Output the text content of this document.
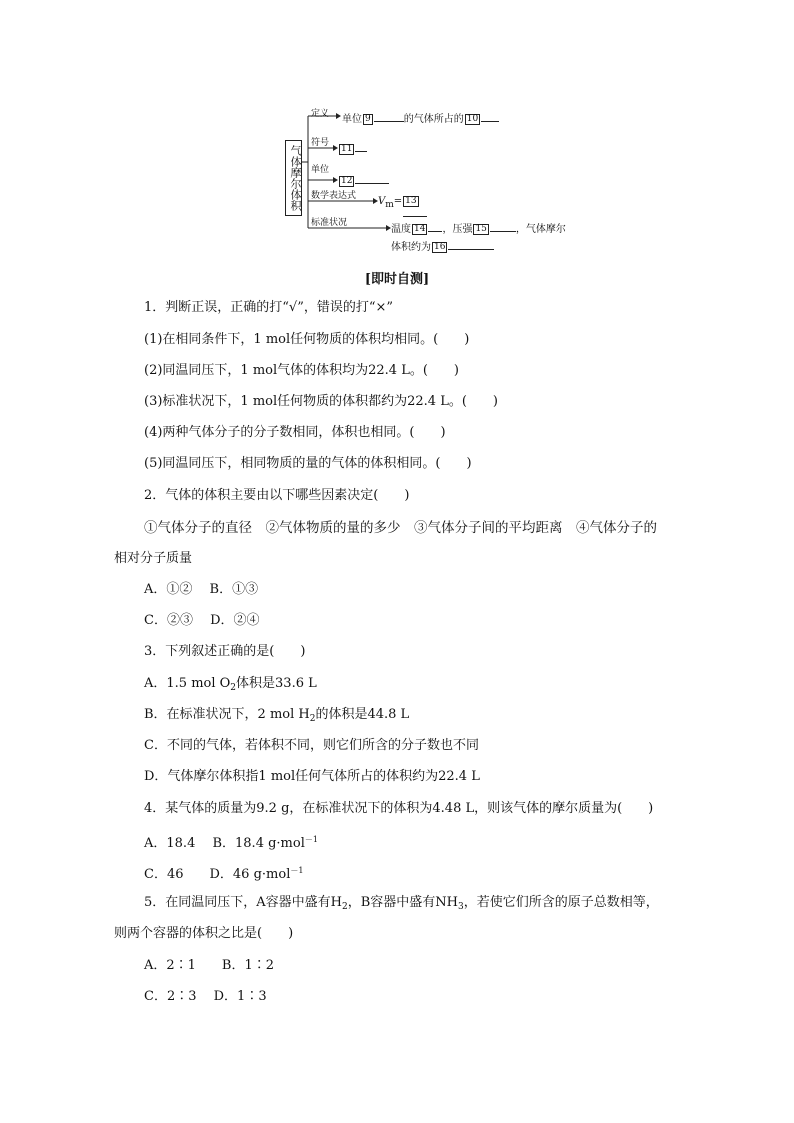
气体摩尔体积
定义 单位 9	的气体所占的 10
符号
11
单位
12
数学表达式 $V_m= 13$
标准状况
温度 14 ，压强 15	，气体摩尔
体积约为 16
[即时自测]
1．判断正误，正确的打“√”，错误的打“×”
(1)在相同条件下，1 mol任何物质的体积均相同。(　　)
(2)同温同压下，1 mol气体的体积均为22.4 L。(　　)
(3)标准状况下，1 mol任何物质的体积都约为22.4 L。(　　)
(4)两种气体分子的分子数相同，体积也相同。(　　)
(5)同温同压下，相同物质的量的气体的体积相同。(　　)
2．气体的体积主要由以下哪些因素决定(　　)
①气体分子的直径　②气体物质的量的多少　③气体分子间的平均距离　④气体分子的
相对分子质量
A．①②　 B．①③
C．②③　 D．②④
3．下列叙述正确的是(　　)
A．1.5 mol $O_2$体积是33.6 L
B．在标准状况下，2 mol $H_2$的体积是44.8 L
C．不同的气体，若体积不同，则它们所含的分子数也不同
D．气体摩尔体积指1 mol任何气体所占的体积约为22.4 L
4．某气体的质量为9.2 g，在标准状况下的体积为4.48 L，则该气体的摩尔质量为(　　)
A．18.4　 B．18.4 g·mol$^{-1}$
C．46　　D．46 g·mol$^{-1}$
5．在同温同压下，A容器中盛有$H_2$，B容器中盛有$NH_3$，若使它们所含的原子总数相等，
则两个容器的体积之比是(　　)
A．2∶1　　B．1∶2
C．2∶3　 D．1∶3
